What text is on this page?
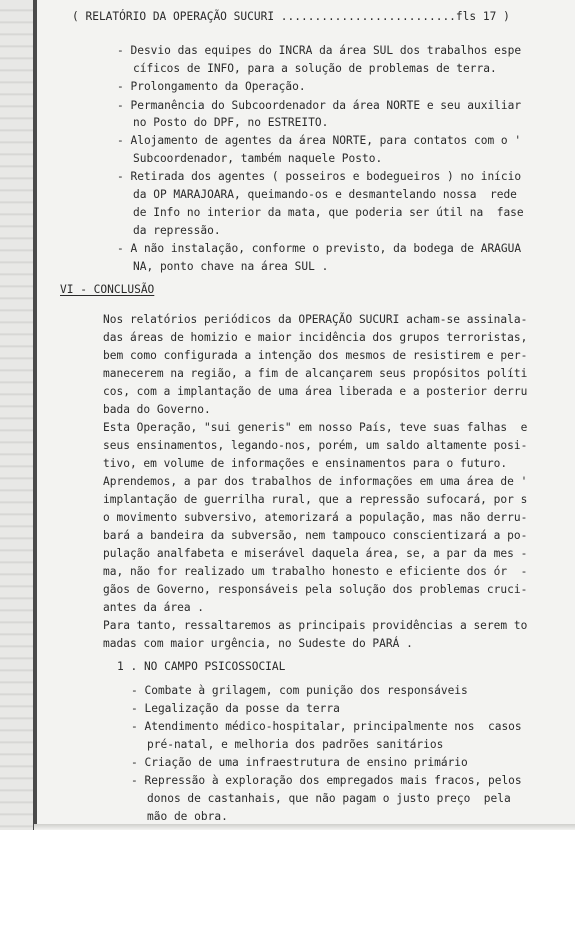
( RELATÓRIO DA OPERAÇÃO SUCURI ..........................fls 17 )

- Desvio das equipes do INCRA da área SUL dos trabalhos espe

cíficos de INFO, para a solução de problemas de terra.

- Prolongamento da Operação.

- Permanência do Subcoordenador da área NORTE e seu auxiliar

no Posto do DPF, no ESTREITO.

- Alojamento de agentes da área NORTE, para contatos com o '

Subcoordenador, também naquele Posto.

- Retirada dos agentes ( posseiros e bodegueiros ) no início

da OP MARAJOARA, queimando-os e desmantelando nossa  rede

de Info no interior da mata, que poderia ser útil na  fase

da repressão.

- A não instalação, conforme o previsto, da bodega de ARAGUA

NA, ponto chave na área SUL .

VI - CONCLUSÃO

Nos relatórios periódicos da OPERAÇÃO SUCURI acham-se assinala-

das áreas de homizio e maior incidência dos grupos terroristas,

bem como configurada a intenção dos mesmos de resistirem e per-

manecerem na região, a fim de alcançarem seus propósitos políti

cos, com a implantação de uma área liberada e a posterior derru

bada do Governo.

Esta Operação, "sui generis" em nosso País, teve suas falhas  e

seus ensinamentos, legando-nos, porém, um saldo altamente posi-

tivo, em volume de informações e ensinamentos para o futuro.

Aprendemos, a par dos trabalhos de informações em uma área de '

implantação de guerrilha rural, que a repressão sufocará, por s

o movimento subversivo, atemorizará a população, mas não derru-

bará a bandeira da subversão, nem tampouco conscientizará a po-

pulação analfabeta e miserável daquela área, se, a par da mes -

ma, não for realizado um trabalho honesto e eficiente dos ór  -

gãos de Governo, responsáveis pela solução dos problemas cruci-

antes da área .

Para tanto, ressaltaremos as principais providências a serem to

madas com maior urgência, no Sudeste do PARÁ .

1 . NO CAMPO PSICOSSOCIAL

- Combate à grilagem, com punição dos responsáveis

- Legalização da posse da terra

- Atendimento médico-hospitalar, principalmente nos  casos

pré-natal, e melhoria dos padrões sanitários

- Criação de uma infraestrutura de ensino primário

- Repressão à exploração dos empregados mais fracos, pelos

donos de castanhais, que não pagam o justo preço  pela

mão de obra.
